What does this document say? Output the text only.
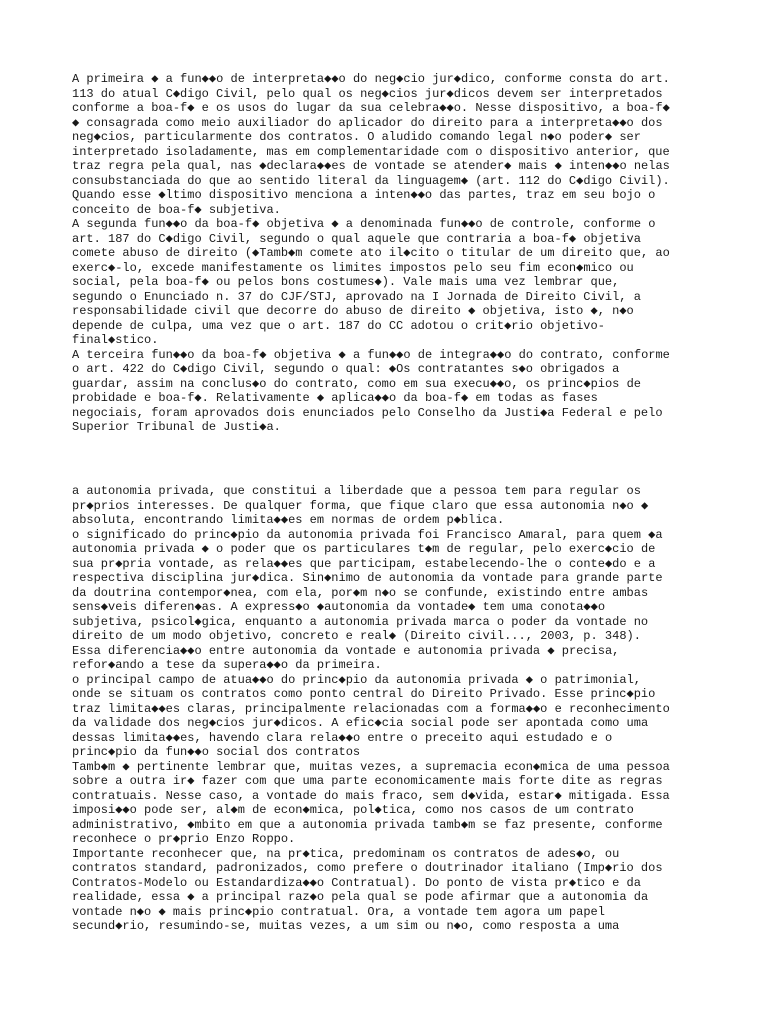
A primeira ◆ a fun◆◆o de interpreta◆◆o do neg◆cio jur◆dico, conforme consta do art.
113 do atual C◆digo Civil, pelo qual os neg◆cios jur◆dicos devem ser interpretados
conforme a boa-f◆ e os usos do lugar da sua celebra◆◆o. Nesse dispositivo, a boa-f◆
◆ consagrada como meio auxiliador do aplicador do direito para a interpreta◆◆o dos
neg◆cios, particularmente dos contratos. O aludido comando legal n◆o poder◆ ser
interpretado isoladamente, mas em complementaridade com o dispositivo anterior, que
traz regra pela qual, nas ◆declara◆◆es de vontade se atender◆ mais ◆ inten◆◆o nelas
consubstanciada do que ao sentido literal da linguagem◆ (art. 112 do C◆digo Civil).
Quando esse ◆ltimo dispositivo menciona a inten◆◆o das partes, traz em seu bojo o
conceito de boa-f◆ subjetiva.
A segunda fun◆◆o da boa-f◆ objetiva ◆ a denominada fun◆◆o de controle, conforme o
art. 187 do C◆digo Civil, segundo o qual aquele que contraria a boa-f◆ objetiva
comete abuso de direito (◆Tamb◆m comete ato il◆cito o titular de um direito que, ao
exerc◆-lo, excede manifestamente os limites impostos pelo seu fim econ◆mico ou
social, pela boa-f◆ ou pelos bons costumes◆). Vale mais uma vez lembrar que,
segundo o Enunciado n. 37 do CJF/STJ, aprovado na I Jornada de Direito Civil, a
responsabilidade civil que decorre do abuso de direito ◆ objetiva, isto ◆, n◆o
depende de culpa, uma vez que o art. 187 do CC adotou o crit◆rio objetivo-
final◆stico.
A terceira fun◆◆o da boa-f◆ objetiva ◆ a fun◆◆o de integra◆◆o do contrato, conforme
o art. 422 do C◆digo Civil, segundo o qual: ◆Os contratantes s◆o obrigados a
guardar, assim na conclus◆o do contrato, como em sua execu◆◆o, os princ◆pios de
probidade e boa-f◆. Relativamente ◆ aplica◆◆o da boa-f◆ em todas as fases
negociais, foram aprovados dois enunciados pelo Conselho da Justi◆a Federal e pelo
Superior Tribunal de Justi◆a.
a autonomia privada, que constitui a liberdade que a pessoa tem para regular os
pr◆prios interesses. De qualquer forma, que fique claro que essa autonomia n◆o ◆
absoluta, encontrando limita◆◆es em normas de ordem p◆blica.
o significado do princ◆pio da autonomia privada foi Francisco Amaral, para quem ◆a
autonomia privada ◆ o poder que os particulares t◆m de regular, pelo exerc◆cio de
sua pr◆pria vontade, as rela◆◆es que participam, estabelecendo-lhe o conte◆do e a
respectiva disciplina jur◆dica. Sin◆nimo de autonomia da vontade para grande parte
da doutrina contempor◆nea, com ela, por◆m n◆o se confunde, existindo entre ambas
sens◆veis diferen◆as. A express◆o ◆autonomia da vontade◆ tem uma conota◆◆o
subjetiva, psicol◆gica, enquanto a autonomia privada marca o poder da vontade no
direito de um modo objetivo, concreto e real◆ (Direito civil..., 2003, p. 348).
Essa diferencia◆◆o entre autonomia da vontade e autonomia privada ◆ precisa,
refor◆ando a tese da supera◆◆o da primeira.
o principal campo de atua◆◆o do princ◆pio da autonomia privada ◆ o patrimonial,
onde se situam os contratos como ponto central do Direito Privado. Esse princ◆pio
traz limita◆◆es claras, principalmente relacionadas com a forma◆◆o e reconhecimento
da validade dos neg◆cios jur◆dicos. A efic◆cia social pode ser apontada como uma
dessas limita◆◆es, havendo clara rela◆◆o entre o preceito aqui estudado e o
princ◆pio da fun◆◆o social dos contratos
Tamb◆m ◆ pertinente lembrar que, muitas vezes, a supremacia econ◆mica de uma pessoa
sobre a outra ir◆ fazer com que uma parte economicamente mais forte dite as regras
contratuais. Nesse caso, a vontade do mais fraco, sem d◆vida, estar◆ mitigada. Essa
imposi◆◆o pode ser, al◆m de econ◆mica, pol◆tica, como nos casos de um contrato
administrativo, ◆mbito em que a autonomia privada tamb◆m se faz presente, conforme
reconhece o pr◆prio Enzo Roppo.
Importante reconhecer que, na pr◆tica, predominam os contratos de ades◆o, ou
contratos standard, padronizados, como prefere o doutrinador italiano (Imp◆rio dos
Contratos-Modelo ou Estandardiza◆◆o Contratual). Do ponto de vista pr◆tico e da
realidade, essa ◆ a principal raz◆o pela qual se pode afirmar que a autonomia da
vontade n◆o ◆ mais princ◆pio contratual. Ora, a vontade tem agora um papel
secund◆rio, resumindo-se, muitas vezes, a um sim ou n◆o, como resposta a uma
